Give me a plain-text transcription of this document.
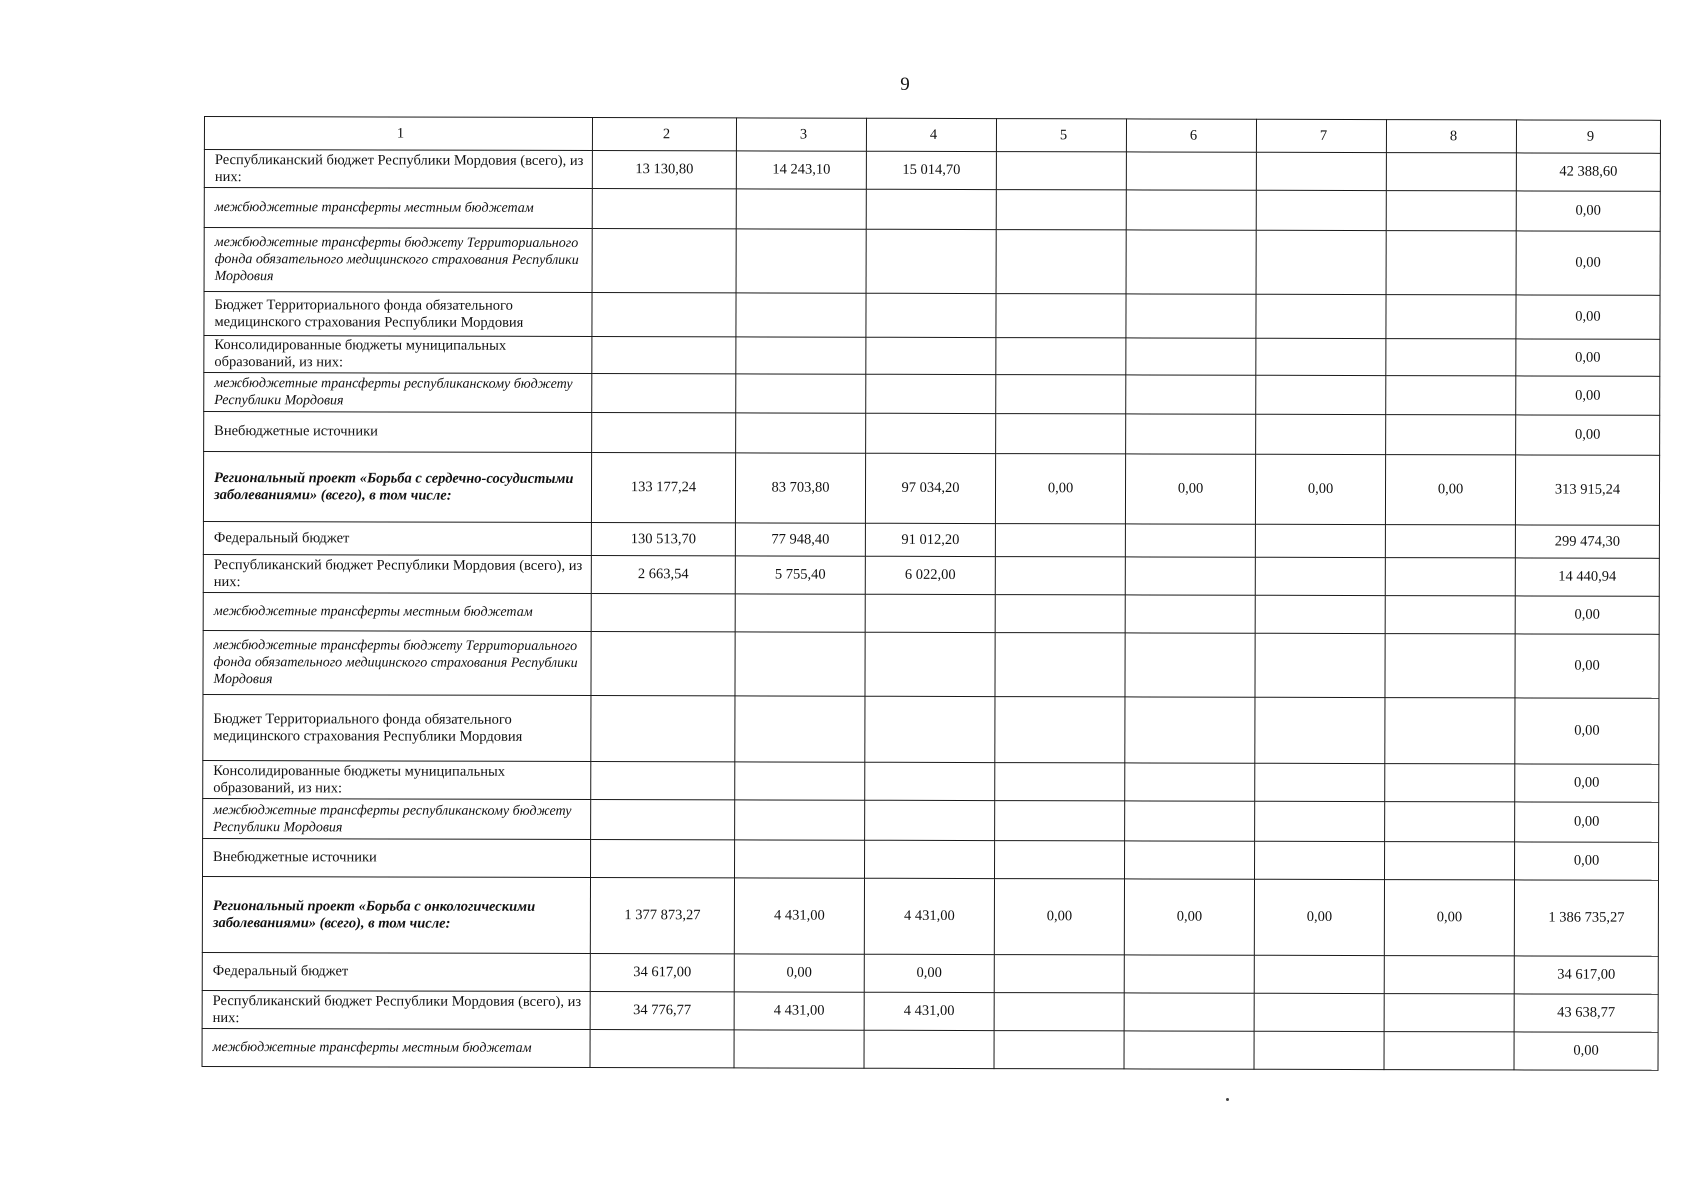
9
1	2	3	4	5	6	7	8	9
Республиканский бюджет Республики Мордовия (всего), из них:	13 130,80	14 243,10	15 014,70					42 388,60
межбюджетные трансферты местным бюджетам								0,00
межбюджетные трансферты бюджету Территориального фонда обязательного медицинского страхования Республики Мордовия								0,00
Бюджет Территориального фонда обязательного медицинского страхования Республики Мордовия								0,00
Консолидированные бюджеты муниципальных образований, из них:								0,00
межбюджетные трансферты республиканскому бюджету Республики Мордовия								0,00
Внебюджетные источники								0,00
Региональный проект «Борьба с сердечно-сосудистыми заболеваниями» (всего), в том числе:	133 177,24	83 703,80	97 034,20	0,00	0,00	0,00	0,00	313 915,24
Федеральный бюджет	130 513,70	77 948,40	91 012,20					299 474,30
Республиканский бюджет Республики Мордовия (всего), из них:	2 663,54	5 755,40	6 022,00					14 440,94
межбюджетные трансферты местным бюджетам								0,00
межбюджетные трансферты бюджету Территориального фонда обязательного медицинского страхования Республики Мордовия								0,00
Бюджет Территориального фонда обязательного медицинского страхования Республики Мордовия								0,00
Консолидированные бюджеты муниципальных образований, из них:								0,00
межбюджетные трансферты республиканскому бюджету Республики Мордовия								0,00
Внебюджетные источники								0,00
Региональный проект «Борьба с онкологическими заболеваниями» (всего), в том числе:	1 377 873,27	4 431,00	4 431,00	0,00	0,00	0,00	0,00	1 386 735,27
Федеральный бюджет	34 617,00	0,00	0,00					34 617,00
Республиканский бюджет Республики Мордовия (всего), из них:	34 776,77	4 431,00	4 431,00					43 638,77
межбюджетные трансферты местным бюджетам								0,00
